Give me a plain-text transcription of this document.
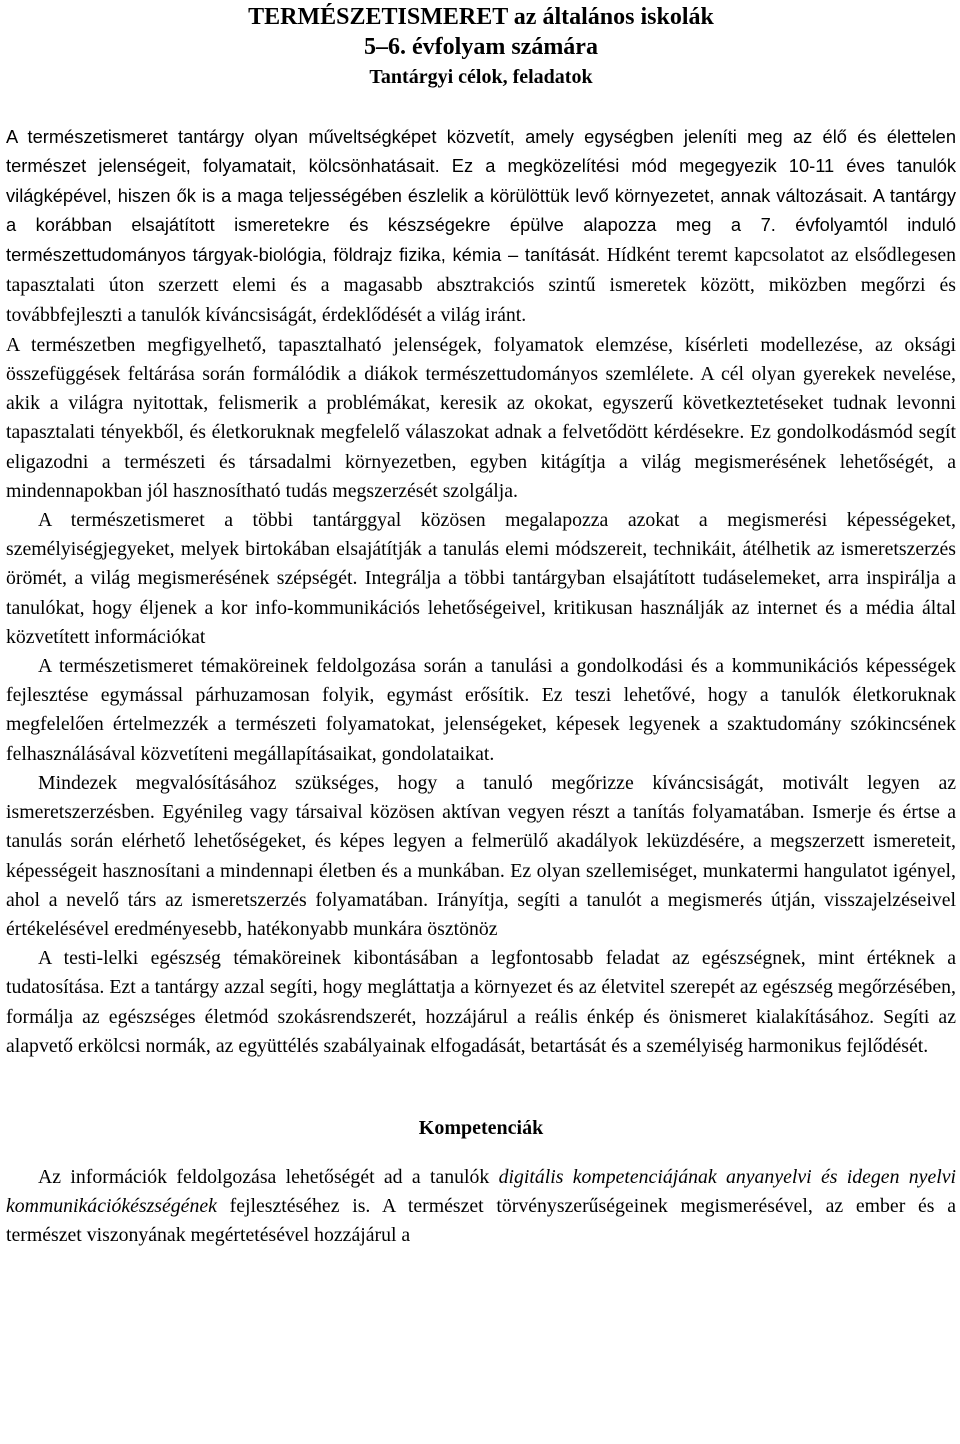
TERMÉSZETISMERET az általános iskolák
5–6. évfolyam számára
Tantárgyi célok, feladatok

A természetismeret tantárgy olyan műveltségképet közvetít, amely egységben jeleníti meg az élő és élettelen természet jelenségeit, folyamatait, kölcsönhatásait. Ez a megközelítési mód megegyezik 10-11 éves tanulók világképével, hiszen ők is a maga teljességében észlelik a körülöttük levő környezetet, annak változásait. A tantárgy a korábban elsajátított ismeretekre és készségekre épülve alapozza meg a 7. évfolyamtól induló természettudományos tárgyak-biológia, földrajz fizika, kémia – tanítását. Hídként teremt kapcsolatot az elsődlegesen tapasztalati úton szerzett elemi és a magasabb absztrakciós szintű ismeretek között, miközben megőrzi és továbbfejleszti a tanulók kíváncsiságát, érdeklődését a világ iránt.

A természetben megfigyelhető, tapasztalható jelenségek, folyamatok elemzése, kísérleti modellezése, az oksági összefüggések feltárása során formálódik a diákok természettudományos szemlélete. A cél olyan gyerekek nevelése, akik a világra nyitottak, felismerik a problémákat, keresik az okokat, egyszerű következtetéseket tudnak levonni tapasztalati tényekből, és életkoruknak megfelelő válaszokat adnak a felvetődött kérdésekre. Ez gondolkodásmód segít eligazodni a természeti és társadalmi környezetben, egyben kitágítja a világ megismerésének lehetőségét, a mindennapokban jól hasznosítható tudás megszerzését szolgálja.

A természetismeret a többi tantárggyal közösen megalapozza azokat a megismerési képességeket, személyiségjegyeket, melyek birtokában elsajátítják a tanulás elemi módszereit, technikáit, átélhetik az ismeretszerzés örömét, a világ megismerésének szépségét. Integrálja a többi tantárgyban elsajátított tudáselemeket, arra inspirálja a tanulókat, hogy éljenek a kor info-kommunikációs lehetőségeivel, kritikusan használják az internet és a média által közvetített információkat

A természetismeret témaköreinek feldolgozása során a tanulási a gondolkodási és a kommunikációs képességek fejlesztése egymással párhuzamosan folyik, egymást erősítik. Ez teszi lehetővé, hogy a tanulók életkoruknak megfelelően értelmezzék a természeti folyamatokat, jelenségeket, képesek legyenek a szaktudomány szókincsének felhasználásával közvetíteni megállapításaikat, gondolataikat.

Mindezek megvalósításához szükséges, hogy a tanuló megőrizze kíváncsiságát, motivált legyen az ismeretszerzésben. Egyénileg vagy társaival közösen aktívan vegyen részt a tanítás folyamatában. Ismerje és értse a tanulás során elérhető lehetőségeket, és képes legyen a felmerülő akadályok leküzdésére, a megszerzett ismereteit, képességeit hasznosítani a mindennapi életben és a munkában. Ez olyan szellemiséget, munkatermi hangulatot igényel, ahol a nevelő társ az ismeretszerzés folyamatában. Irányítja, segíti a tanulót a megismerés útján, visszajelzéseivel értékelésével eredményesebb, hatékonyabb munkára ösztönöz

A testi-lelki egészség témaköreinek kibontásában a legfontosabb feladat az egészségnek, mint értéknek a tudatosítása. Ezt a tantárgy azzal segíti, hogy megláttatja a környezet és az életvitel szerepét az egészség megőrzésében, formálja az egészséges életmód szokásrendszerét, hozzájárul a reális énkép és önismeret kialakításához. Segíti az alapvető erkölcsi normák, az együttélés szabályainak elfogadását, betartását és a személyiség harmonikus fejlődését.

Kompetenciák

Az információk feldolgozása lehetőségét ad a tanulók digitális kompetenciájának anyanyelvi és idegen nyelvi kommunikációkészségének fejlesztéséhez is. A természet törvényszerűségeinek megismerésével, az ember és a természet viszonyának megértetésével hozzájárul a
